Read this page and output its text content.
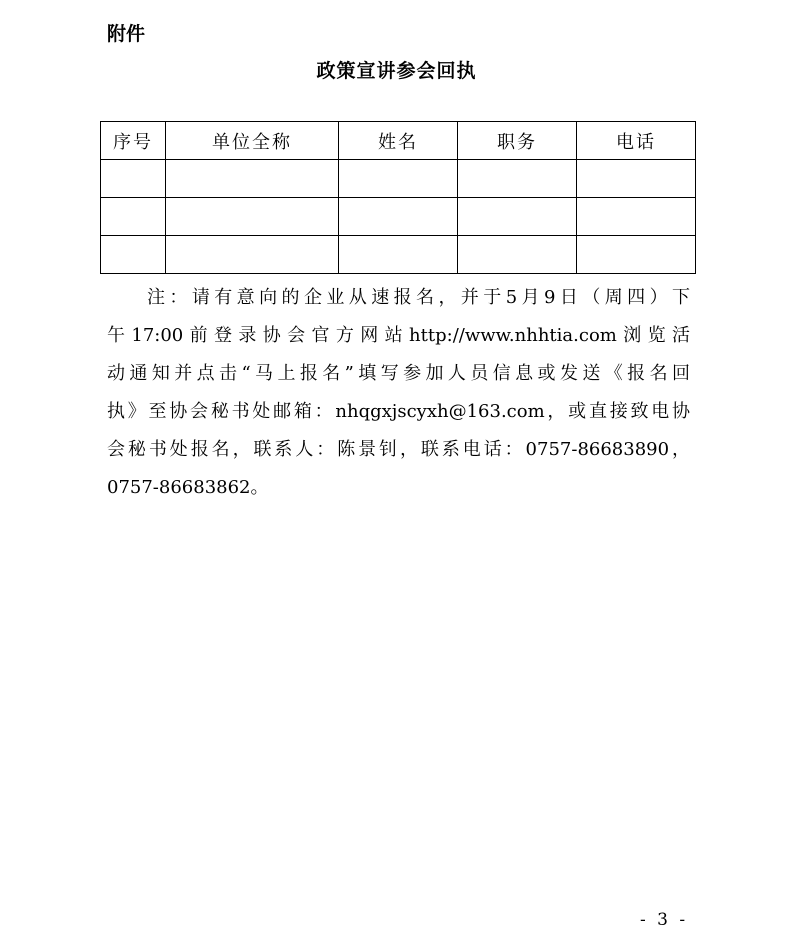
附件
政策宣讲参会回执
序号	单位全称	姓名	职务	电话

注：请有意向的企业从速报名，并于5月9日（周四）下
午17:00前登录协会官方网站http://www.nhhtia.com浏览活
动通知并点击“马上报名”填写参加人员信息或发送《报名回
执》至协会秘书处邮箱：nhqgxjscyxh@163.com，或直接致电协
会秘书处报名，联系人：陈景钊，联系电话：0757-86683890，
0757-86683862。
- 3 -
